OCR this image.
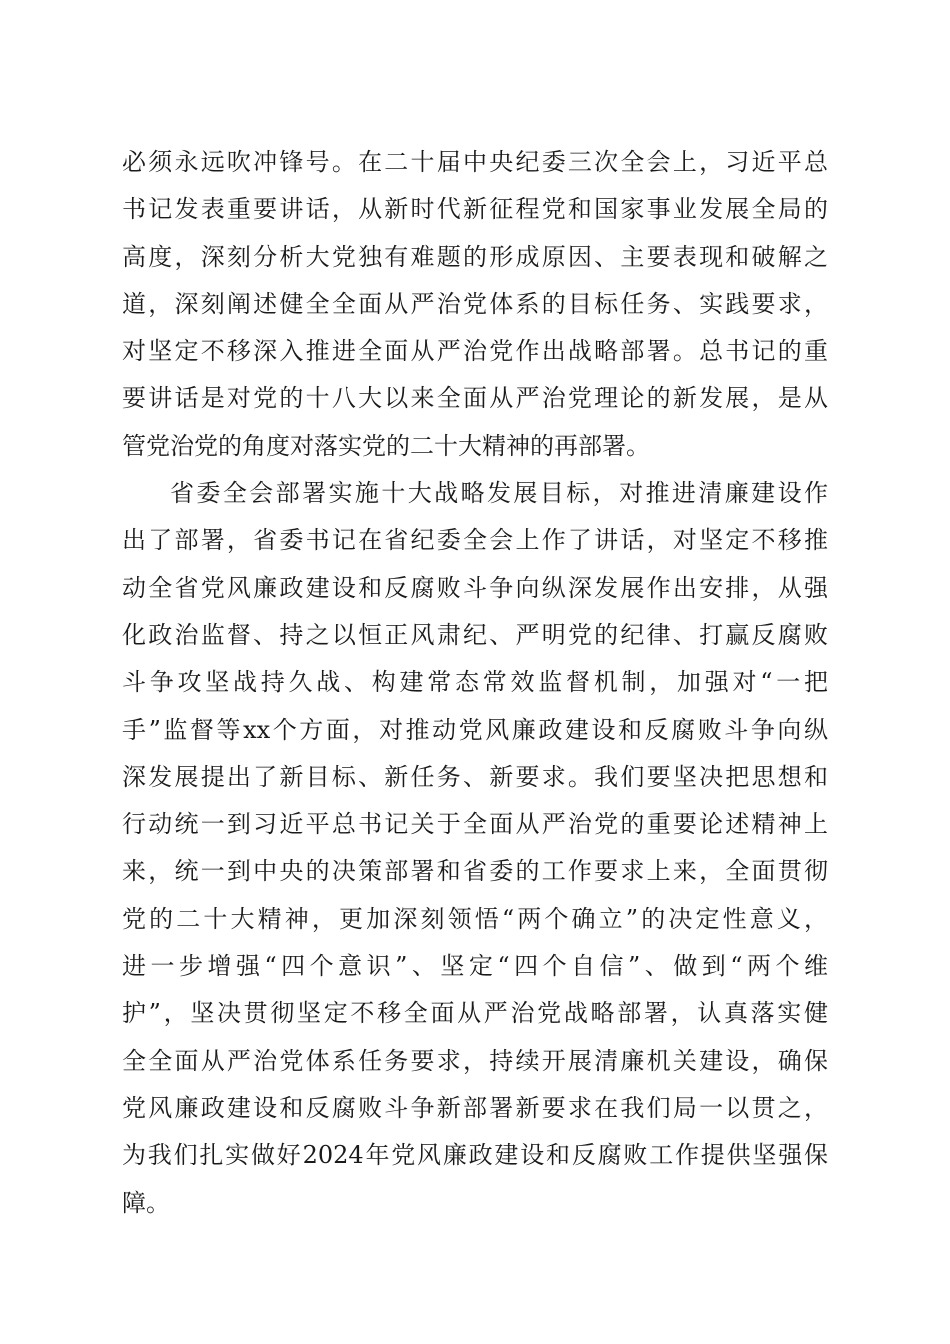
必须永远吹冲锋号。在二十届中央纪委三次全会上，习近平总
书记发表重要讲话，从新时代新征程党和国家事业发展全局的
高度，深刻分析大党独有难题的形成原因、主要表现和破解之
道，深刻阐述健全全面从严治党体系的目标任务、实践要求，
对坚定不移深入推进全面从严治党作出战略部署。总书记的重
要讲话是对党的十八大以来全面从严治党理论的新发展，是从
管党治党的角度对落实党的二十大精神的再部署。
省委全会部署实施十大战略发展目标，对推进清廉建设作
出了部署，省委书记在省纪委全会上作了讲话，对坚定不移推
动全省党风廉政建设和反腐败斗争向纵深发展作出安排，从强
化政治监督、持之以恒正风肃纪、严明党的纪律、打赢反腐败
斗争攻坚战持久战、构建常态常效监督机制，加强对“一把
手”监督等xx个方面，对推动党风廉政建设和反腐败斗争向纵
深发展提出了新目标、新任务、新要求。我们要坚决把思想和
行动统一到习近平总书记关于全面从严治党的重要论述精神上
来，统一到中央的决策部署和省委的工作要求上来，全面贯彻
党的二十大精神，更加深刻领悟“两个确立”的决定性意义，
进一步增强“四个意识”、坚定“四个自信”、做到“两个维
护”，坚决贯彻坚定不移全面从严治党战略部署，认真落实健
全全面从严治党体系任务要求，持续开展清廉机关建设，确保
党风廉政建设和反腐败斗争新部署新要求在我们局一以贯之，
为我们扎实做好2024年党风廉政建设和反腐败工作提供坚强保
障。
